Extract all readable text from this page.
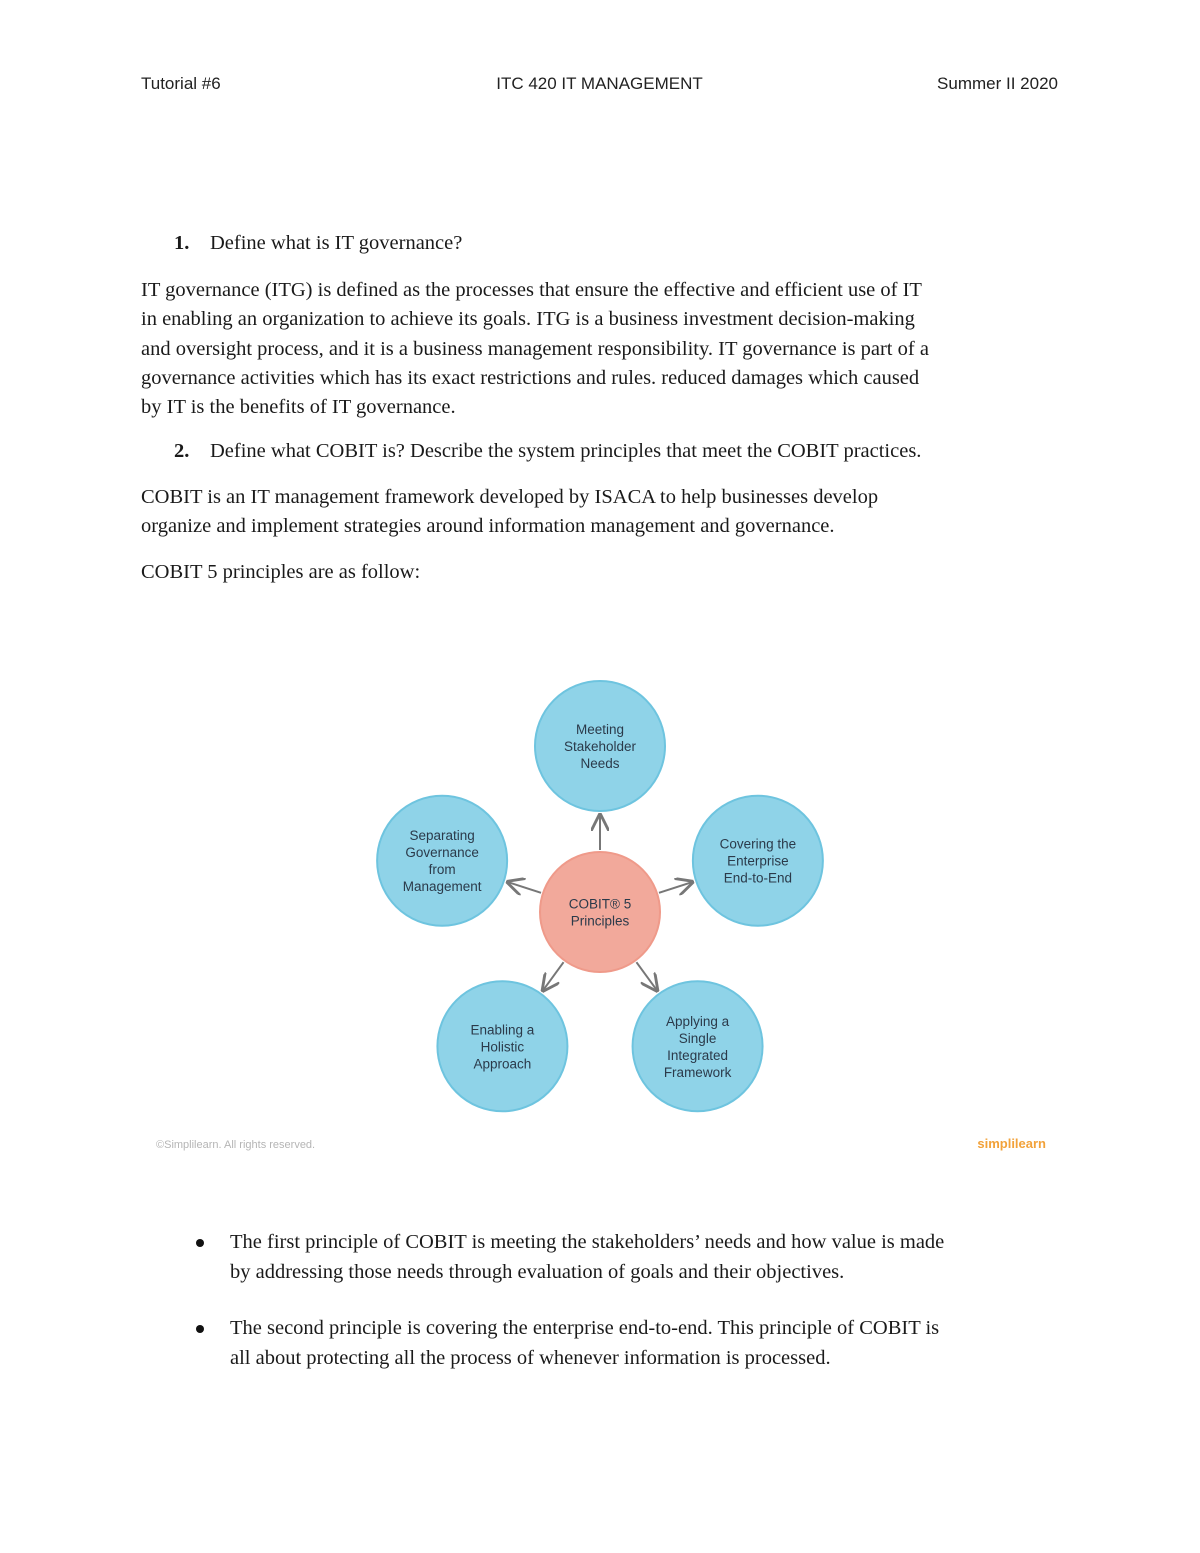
Tutorial #6	ITC 420 IT MANAGEMENT	Summer II 2020
1. Define what is IT governance?

IT governance (ITG) is defined as the processes that ensure the effective and efficient use of IT
in enabling an organization to achieve its goals. ITG is a business investment decision-making
and oversight process, and it is a business management responsibility. IT governance is part of a
governance activities which has its exact restrictions and rules. reduced damages which caused
by IT is the benefits of IT governance.

2. Define what COBIT is? Describe the system principles that meet the COBIT practices.

COBIT is an IT management framework developed by ISACA to help businesses develop
organize and implement strategies around information management and governance.

COBIT 5 principles are as follow:

Meeting
Stakeholder
Needs
Covering the
Enterprise
End-to-End
Applying a
Single
Integrated
Framework
Enabling a
Holistic
Approach
Separating
Governance
from
Management
COBIT® 5
Principles
©Simplilearn. All rights reserved.	simplilearn
The first principle of COBIT is meeting the stakeholders’ needs and how value is made
by addressing those needs through evaluation of goals and their objectives.
The second principle is covering the enterprise end-to-end. This principle of COBIT is
all about protecting all the process of whenever information is processed.
